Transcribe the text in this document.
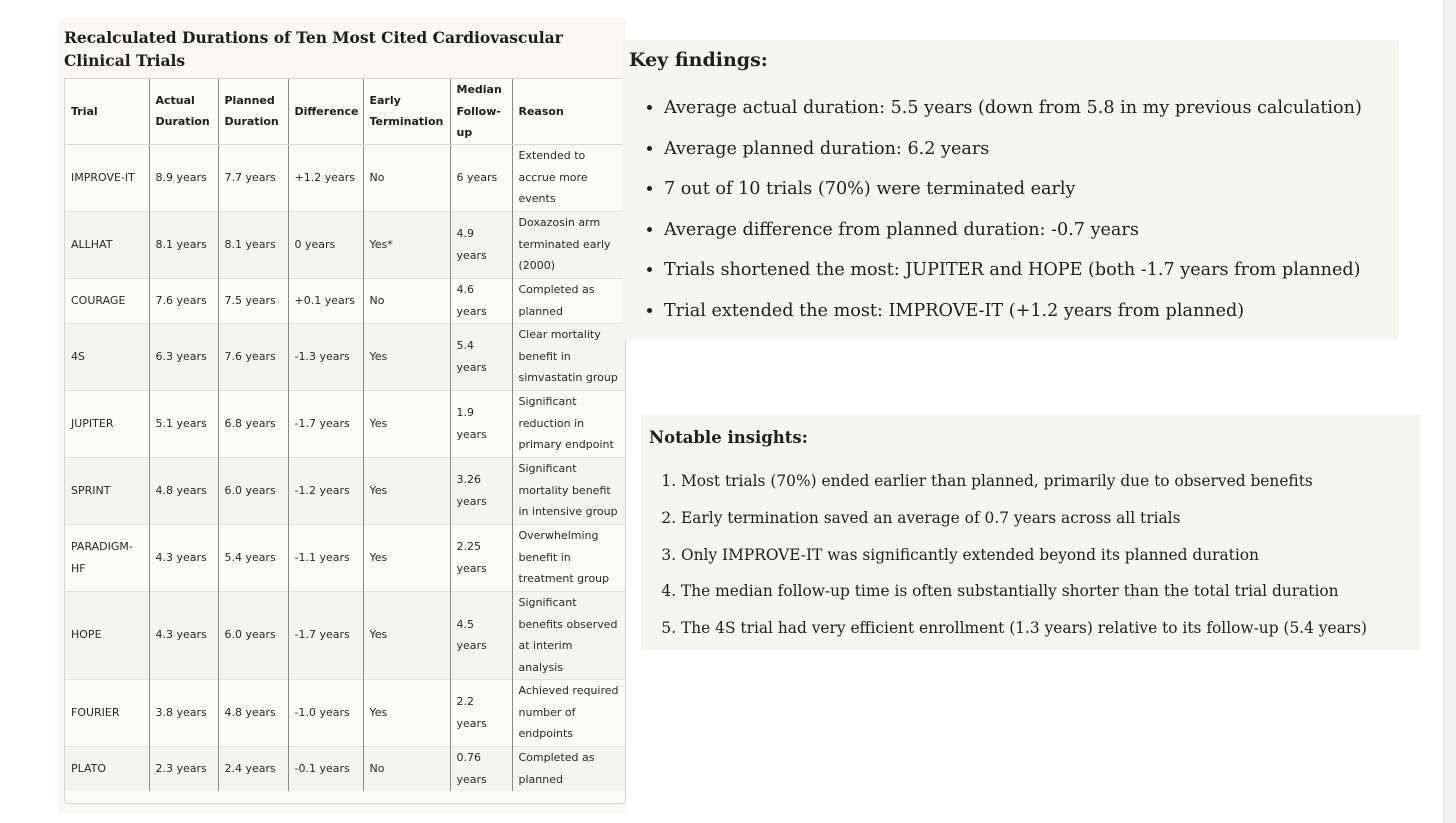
Recalculated Durations of Ten Most Cited Cardiovascular Clinical Trials
Trial	Actual Duration	Planned Duration	Difference	Early Termination	Median Follow-up	Reason
IMPROVE-IT	8.9 years	7.7 years	+1.2 years	No	6 years	Extended to accrue more events
ALLHAT	8.1 years	8.1 years	0 years	Yes*	4.9 years	Doxazosin arm terminated early (2000)
COURAGE	7.6 years	7.5 years	+0.1 years	No	4.6 years	Completed as planned
4S	6.3 years	7.6 years	-1.3 years	Yes	5.4 years	Clear mortality benefit in simvastatin group
JUPITER	5.1 years	6.8 years	-1.7 years	Yes	1.9 years	Significant reduction in primary endpoint
SPRINT	4.8 years	6.0 years	-1.2 years	Yes	3.26 years	Significant mortality benefit in intensive group
PARADIGM-HF	4.3 years	5.4 years	-1.1 years	Yes	2.25 years	Overwhelming benefit in treatment group
HOPE	4.3 years	6.0 years	-1.7 years	Yes	4.5 years	Significant benefits observed at interim analysis
FOURIER	3.8 years	4.8 years	-1.0 years	Yes	2.2 years	Achieved required number of endpoints
PLATO	2.3 years	2.4 years	-0.1 years	No	0.76 years	Completed as planned
Key findings:
• Average actual duration: 5.5 years (down from 5.8 in my previous calculation)
• Average planned duration: 6.2 years
• 7 out of 10 trials (70%) were terminated early
• Average difference from planned duration: -0.7 years
• Trials shortened the most: JUPITER and HOPE (both -1.7 years from planned)
• Trial extended the most: IMPROVE-IT (+1.2 years from planned)
Notable insights:
1. Most trials (70%) ended earlier than planned, primarily due to observed benefits
2. Early termination saved an average of 0.7 years across all trials
3. Only IMPROVE-IT was significantly extended beyond its planned duration
4. The median follow-up time is often substantially shorter than the total trial duration
5. The 4S trial had very efficient enrollment (1.3 years) relative to its follow-up (5.4 years)
